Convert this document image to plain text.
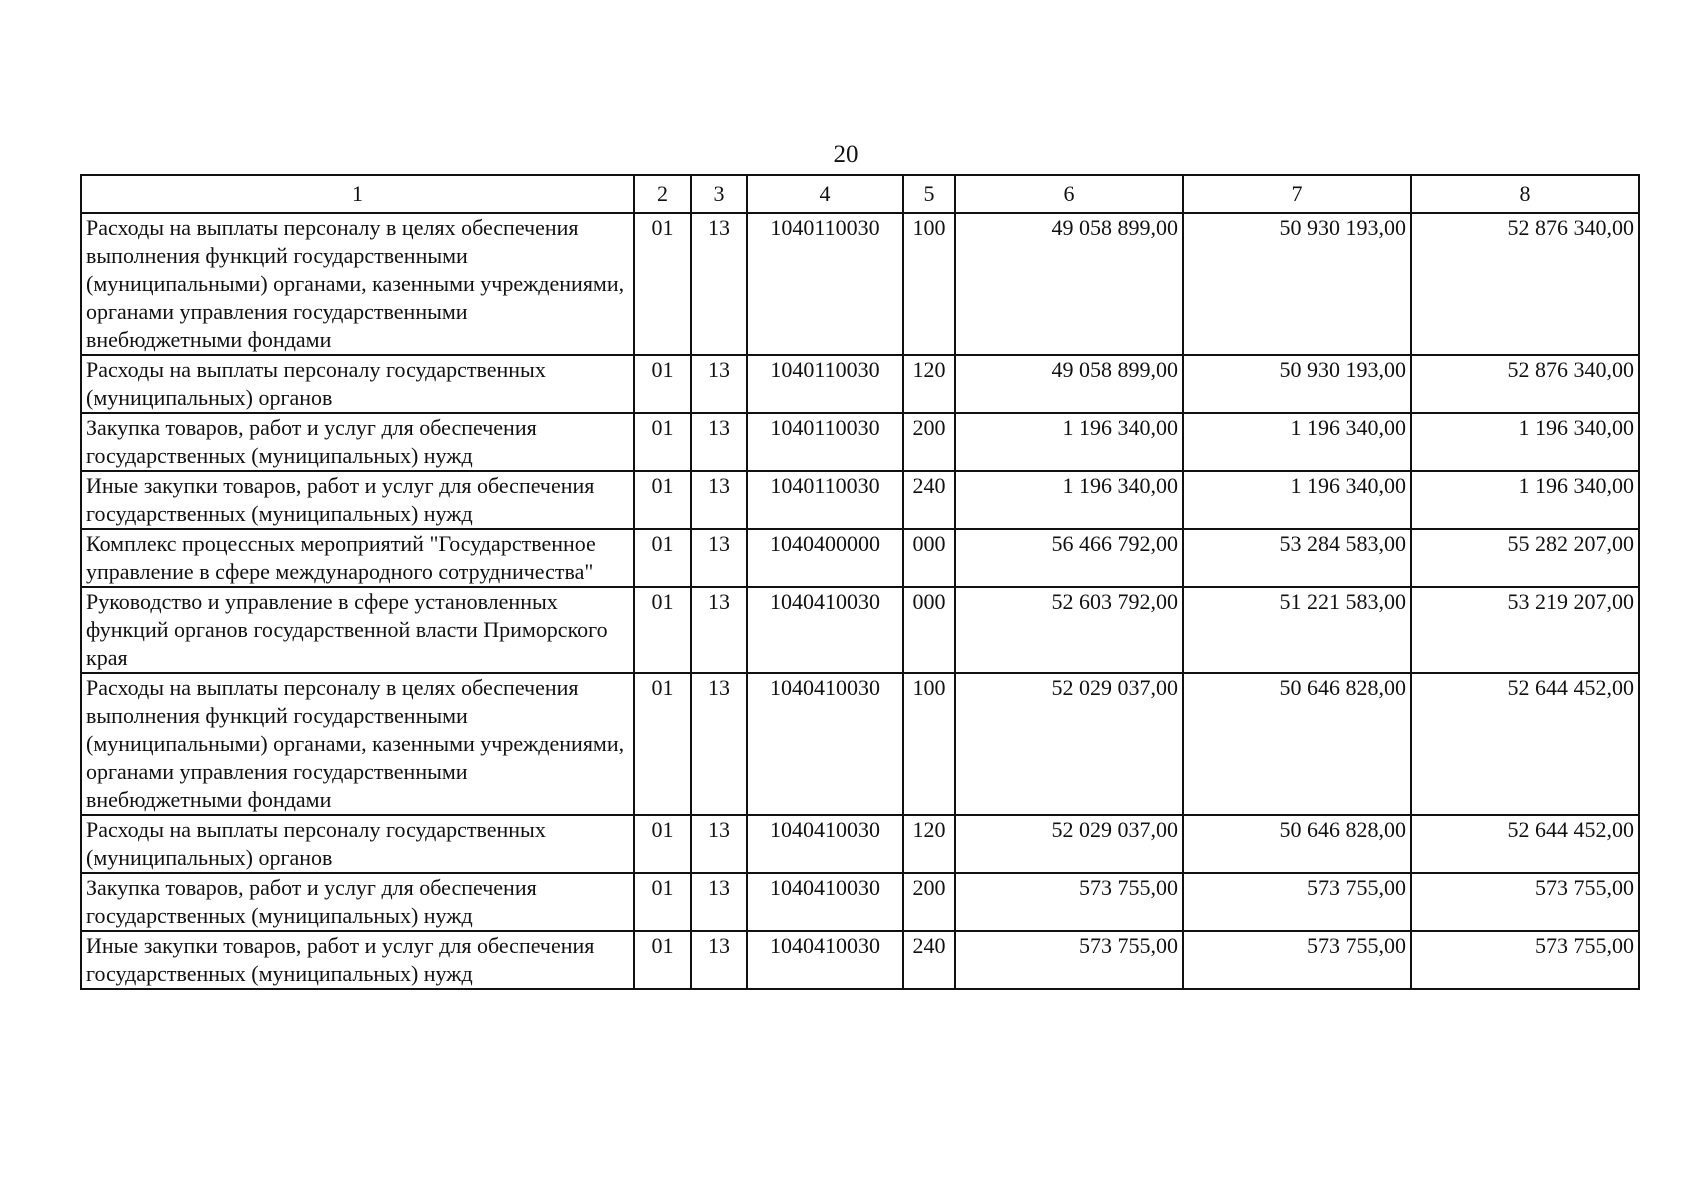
20
1	2	3	4	5	6	7	8
Расходы на выплаты персоналу в целях обеспечения выполнения функций государственными (муниципальными) органами, казенными учреждениями, органами управления государственными внебюджетными фондами	01	13	1040110030	100	49 058 899,00	50 930 193,00	52 876 340,00
Расходы на выплаты персоналу государственных (муниципальных) органов	01	13	1040110030	120	49 058 899,00	50 930 193,00	52 876 340,00
Закупка товаров, работ и услуг для обеспечения государственных (муниципальных) нужд	01	13	1040110030	200	1 196 340,00	1 196 340,00	1 196 340,00
Иные закупки товаров, работ и услуг для обеспечения государственных (муниципальных) нужд	01	13	1040110030	240	1 196 340,00	1 196 340,00	1 196 340,00
Комплекс процессных мероприятий "Государственное управление в сфере международного сотрудничества"	01	13	1040400000	000	56 466 792,00	53 284 583,00	55 282 207,00
Руководство и управление в сфере установленных функций органов государственной власти Приморского края	01	13	1040410030	000	52 603 792,00	51 221 583,00	53 219 207,00
Расходы на выплаты персоналу в целях обеспечения выполнения функций государственными (муниципальными) органами, казенными учреждениями, органами управления государственными внебюджетными фондами	01	13	1040410030	100	52 029 037,00	50 646 828,00	52 644 452,00
Расходы на выплаты персоналу государственных (муниципальных) органов	01	13	1040410030	120	52 029 037,00	50 646 828,00	52 644 452,00
Закупка товаров, работ и услуг для обеспечения государственных (муниципальных) нужд	01	13	1040410030	200	573 755,00	573 755,00	573 755,00
Иные закупки товаров, работ и услуг для обеспечения государственных (муниципальных) нужд	01	13	1040410030	240	573 755,00	573 755,00	573 755,00
